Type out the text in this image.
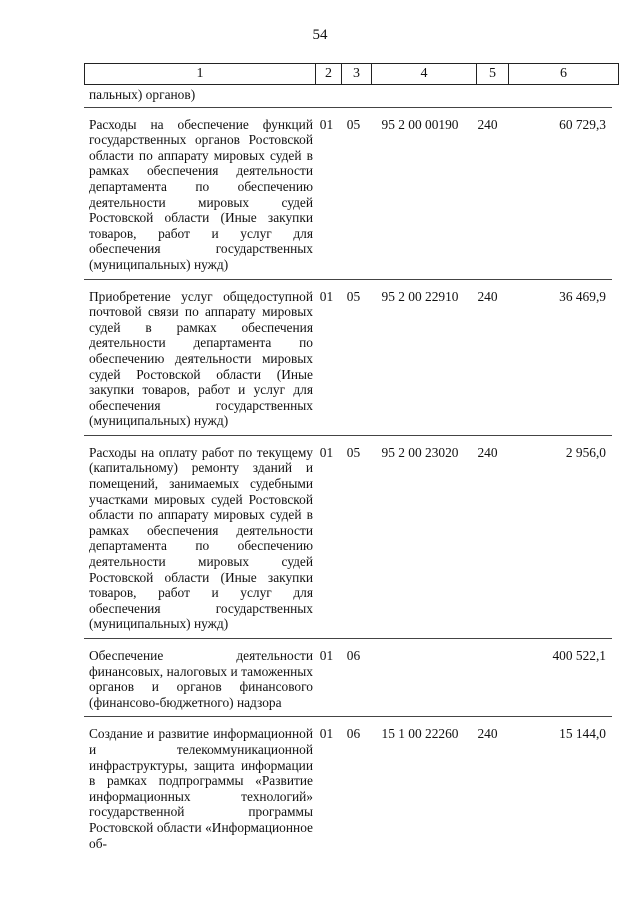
54
1	2	3	4	5	6
пальных) органов)					

Расходы на обеспечение функций государственных органов Ростовской области по аппарату мировых судей в рамках обеспечения деятельности департамента по обеспечению деятельности мировых судей Ростовской области (Иные закупки товаров, работ и услуг для обеспечения государственных (муниципальных) нужд)	01	05	95 2 00 00190	240	60 729,3

Приобретение услуг общедоступной почтовой связи по аппарату мировых судей в рамках обеспечения деятельности департамента по обеспечению деятельности мировых судей Ростовской области (Иные закупки товаров, работ и услуг для обеспечения государственных (муниципальных) нужд)	01	05	95 2 00 22910	240	36 469,9

Расходы на оплату работ по текущему (капитальному) ремонту зданий и помещений, занимаемых судебными участками мировых судей Ростовской области по аппарату мировых судей в рамках обеспечения деятельности департамента по обеспечению деятельности мировых судей Ростовской области (Иные закупки товаров, работ и услуг для обеспечения государственных (муниципальных) нужд)	01	05	95 2 00 23020	240	2 956,0

Обеспечение деятельности финансовых, налоговых и таможенных органов и органов финансового (финансово-бюджетного) надзора	01	06			400 522,1

Создание и развитие информационной и телекоммуникационной инфраструктуры, защита информации в рамках подпрограммы «Развитие информационных технологий» государственной программы Ростовской области «Информационное об-	01	06	15 1 00 22260	240	15 144,0
